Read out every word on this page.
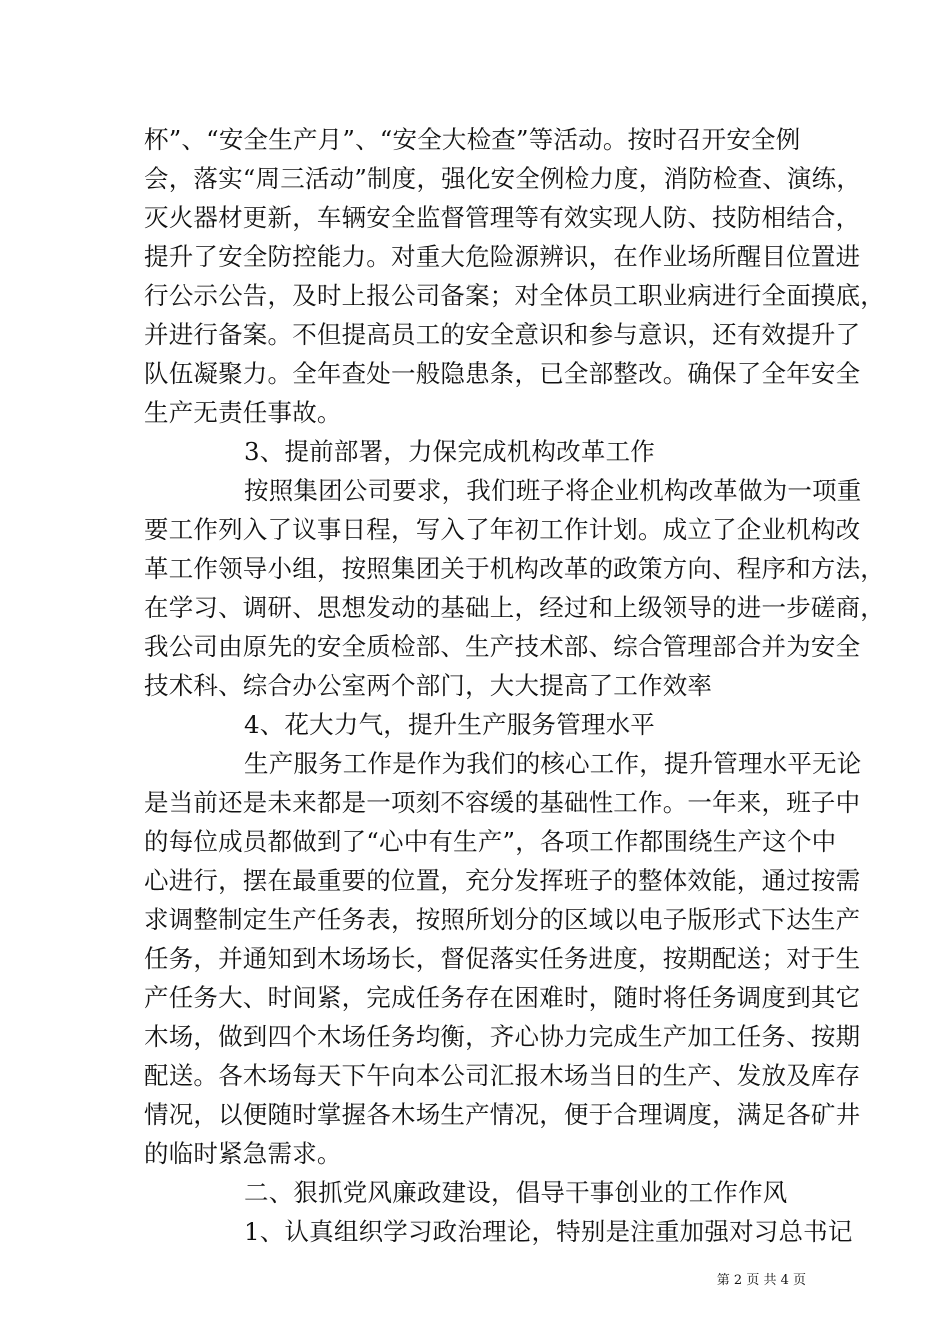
杯”、“安全生产月”、“安全大检查”等活动。按时召开安全例
会，落实“周三活动”制度，强化安全例检力度，消防检查、演练，
灭火器材更新，车辆安全监督管理等有效实现人防、技防相结合，
提升了安全防控能力。对重大危险源辨识，在作业场所醒目位置进
行公示公告，及时上报公司备案；对全体员工职业病进行全面摸底，
并进行备案。不但提高员工的安全意识和参与意识，还有效提升了
队伍凝聚力。全年查处一般隐患条，已全部整改。确保了全年安全
生产无责任事故。
3、提前部署，力保完成机构改革工作
按照集团公司要求，我们班子将企业机构改革做为一项重
要工作列入了议事日程，写入了年初工作计划。成立了企业机构改
革工作领导小组，按照集团关于机构改革的政策方向、程序和方法，
在学习、调研、思想发动的基础上，经过和上级领导的进一步磋商，
我公司由原先的安全质检部、生产技术部、综合管理部合并为安全
技术科、综合办公室两个部门，大大提高了工作效率
4、花大力气，提升生产服务管理水平
生产服务工作是作为我们的核心工作，提升管理水平无论
是当前还是未来都是一项刻不容缓的基础性工作。一年来，班子中
的每位成员都做到了“心中有生产”，各项工作都围绕生产这个中
心进行，摆在最重要的位置，充分发挥班子的整体效能，通过按需
求调整制定生产任务表，按照所划分的区域以电子版形式下达生产
任务，并通知到木场场长，督促落实任务进度，按期配送；对于生
产任务大、时间紧，完成任务存在困难时，随时将任务调度到其它
木场，做到四个木场任务均衡，齐心协力完成生产加工任务、按期
配送。各木场每天下午向本公司汇报木场当日的生产、发放及库存
情况，以便随时掌握各木场生产情况，便于合理调度，满足各矿井
的临时紧急需求。
二、狠抓党风廉政建设，倡导干事创业的工作作风
1、认真组织学习政治理论，特别是注重加强对习总书记
第 2 页 共 4 页
